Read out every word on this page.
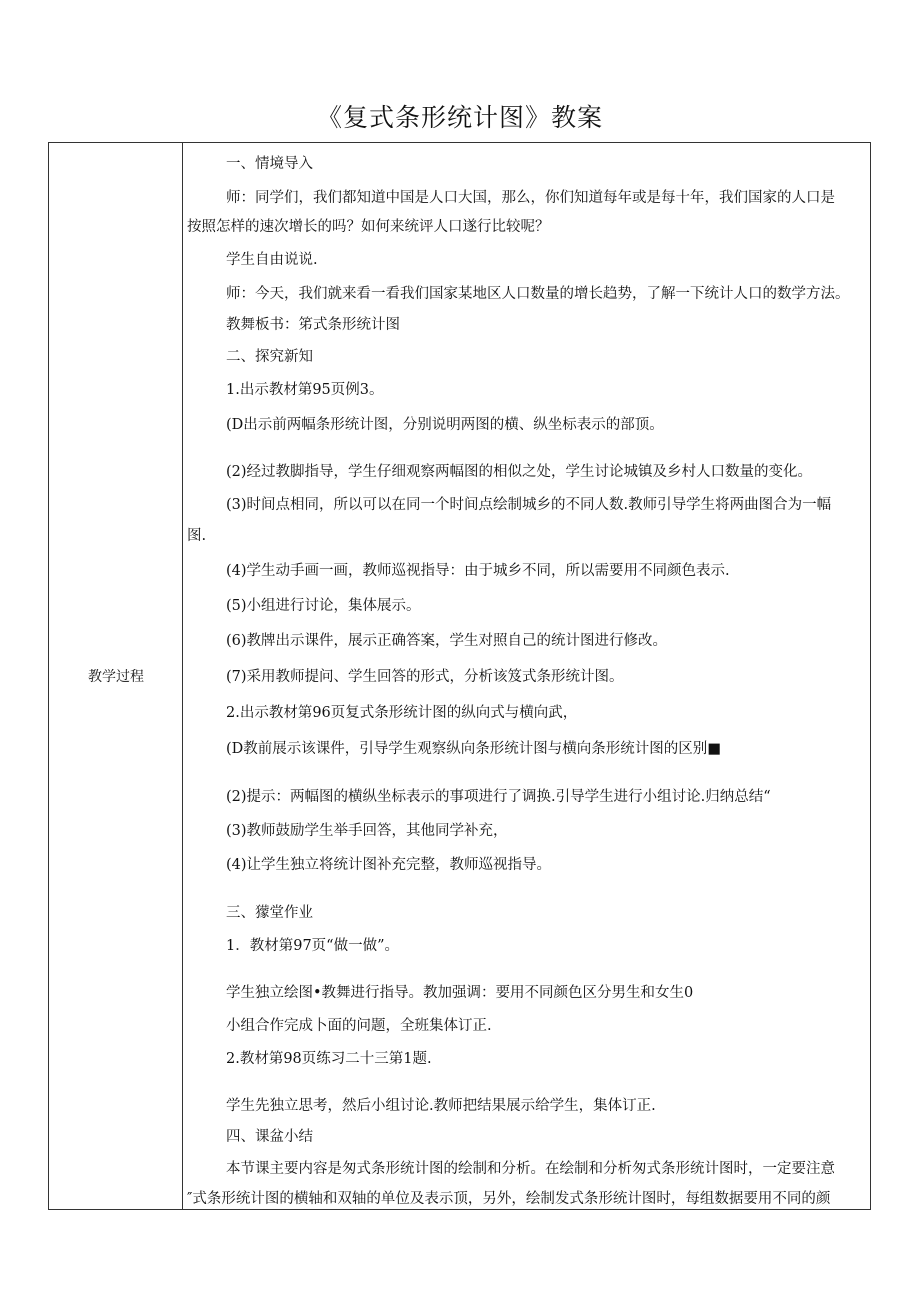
《复式条形统计图》教案
教学过程
一、情境导入
师：同学们，我们都知道中国是人口大国，那么，你们知道每年或是每十年，我们国家的人口是
按照怎样的速次增长的吗？如何来统评人口遂行比较呢？
学生自由说说.
师：今天，我们就来看一看我们国家某地区人口数量的增长趋势，了解一下统计人口的数学方法。
教舞板书：笫式条形统计图
二、探究新知
1.出示教材第95页例3。
(D出示前两幅条形统计图，分别说明两图的横、纵坐标表示的部顶。
(2)经过教脚指导，学生仔细观察两幅图的相似之处，学生讨论城镇及乡村人口数量的变化。
(3)时间点相同，所以可以在同一个时间点绘制城乡的不同人数.教师引导学生将两曲图合为一幅
图.
(4)学生动手画一画，教师巡视指导：由于城乡不同，所以需要用不同颜色表示.
(5)小组进行讨论，集体展示。
(6)教牌出示课件，展示正确答案，学生对照自己的统计图进行修改。
(7)采用教师提问、学生回答的形式，分析该笈式条形统计图。
2.出示教材第96页复式条形统计图的纵向式与横向武，
(D教前展示该课件，引导学生观察纵向条形统计图与横向条形统计图的区别■
(2)提示：两幅图的横纵坐标表示的事项进行了调换.引导学生进行小组讨论.归纳总结“
(3)教师鼓励学生举手回答，其他同学补充，
(4)让学生独立将统计图补充完整，教师巡视指导。
三、獴堂作业
1．教材第97页“做一做”。
学生独立绘图•教舞进行指导。教加强调：要用不同颜色区分男生和女生0
小组合作完成卜面的问题，全班集体订正.
2.教材第98页练习二十三第1题.
学生先独立思考，然后小组讨论.教师把结果展示给学生，集体订正.
四、课盆小结
本节课主要内容是匆式条形统计图的绘制和分析。在绘制和分析匆式条形统计图时，一定要注意
″式条形统计图的横轴和双轴的单位及表示顶，另外，绘制发式条形统计图时，每组数据要用不同的颜
